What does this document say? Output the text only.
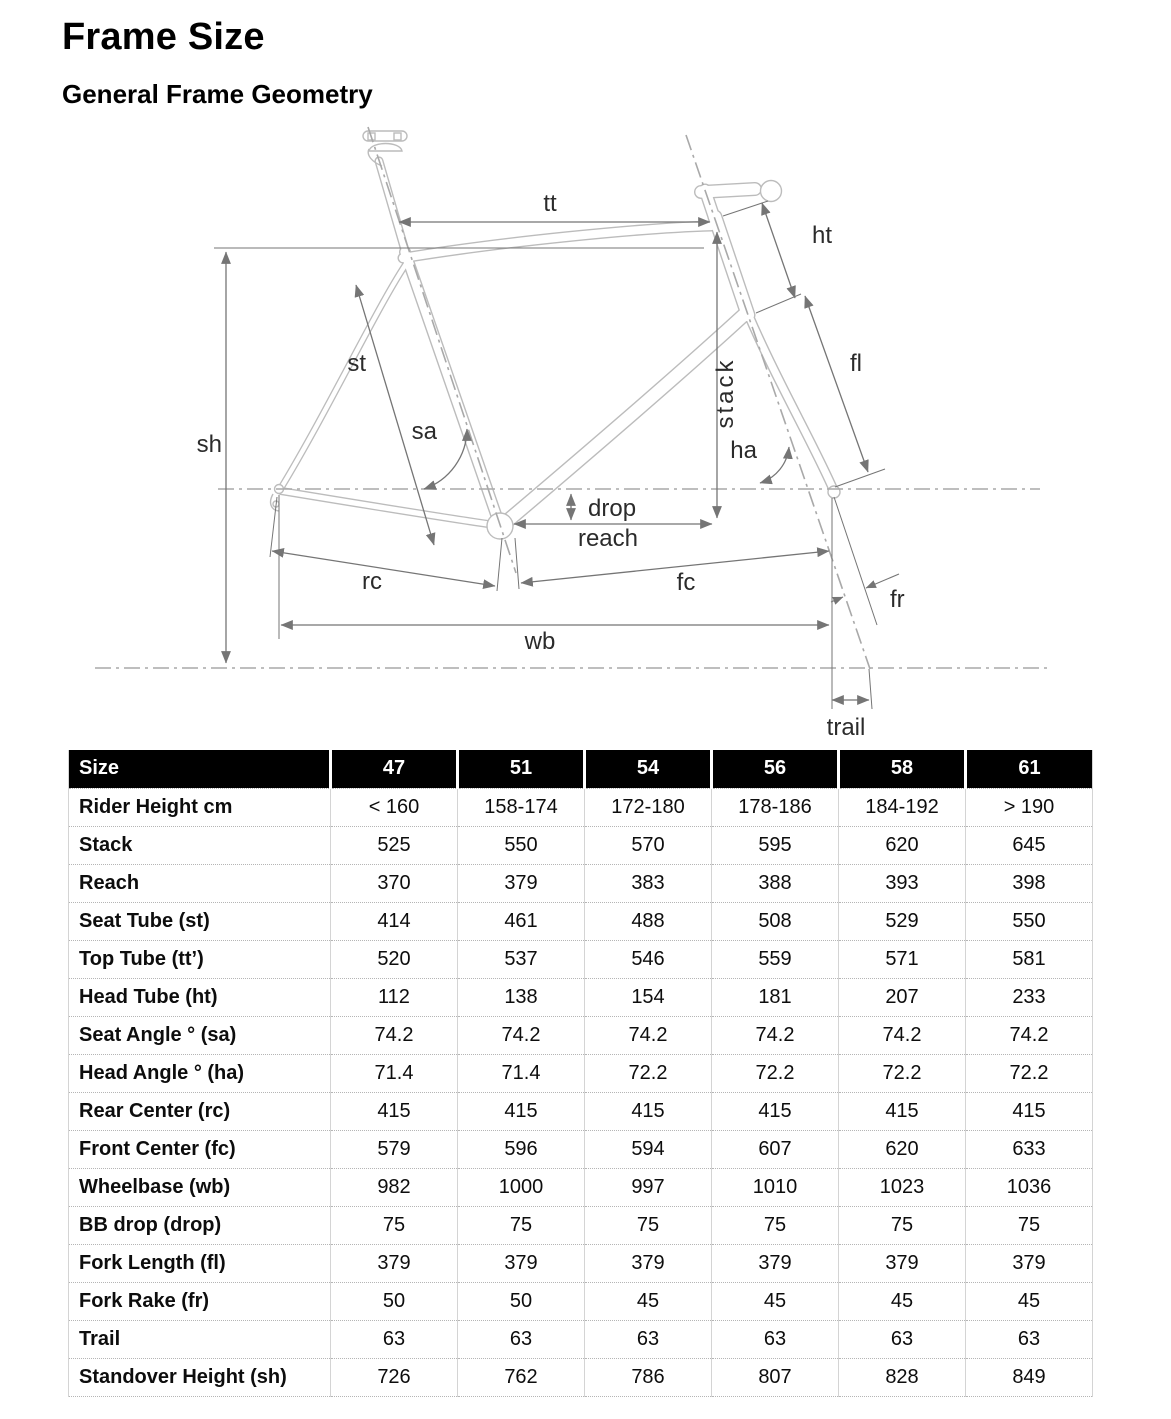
Frame Size
General Frame Geometry
tt
ht
st
sa
sh
stack
ha
fl
drop
reach
rc	fc
wb
fr
trail
Size	47	51	54	56	58	61
Rider Height cm	< 160	158-174	172-180	178-186	184-192	> 190
Stack	525	550	570	595	620	645
Reach	370	379	383	388	393	398
Seat Tube (st)	414	461	488	508	529	550
Top Tube (tt’)	520	537	546	559	571	581
Head Tube (ht)	112	138	154	181	207	233
Seat Angle ° (sa)	74.2	74.2	74.2	74.2	74.2	74.2
Head Angle ° (ha)	71.4	71.4	72.2	72.2	72.2	72.2
Rear Center (rc)	415	415	415	415	415	415
Front Center (fc)	579	596	594	607	620	633
Wheelbase (wb)	982	1000	997	1010	1023	1036
BB drop (drop)	75	75	75	75	75	75
Fork Length (fl)	379	379	379	379	379	379
Fork Rake (fr)	50	50	45	45	45	45
Trail	63	63	63	63	63	63
Standover Height (sh)	726	762	786	807	828	849
